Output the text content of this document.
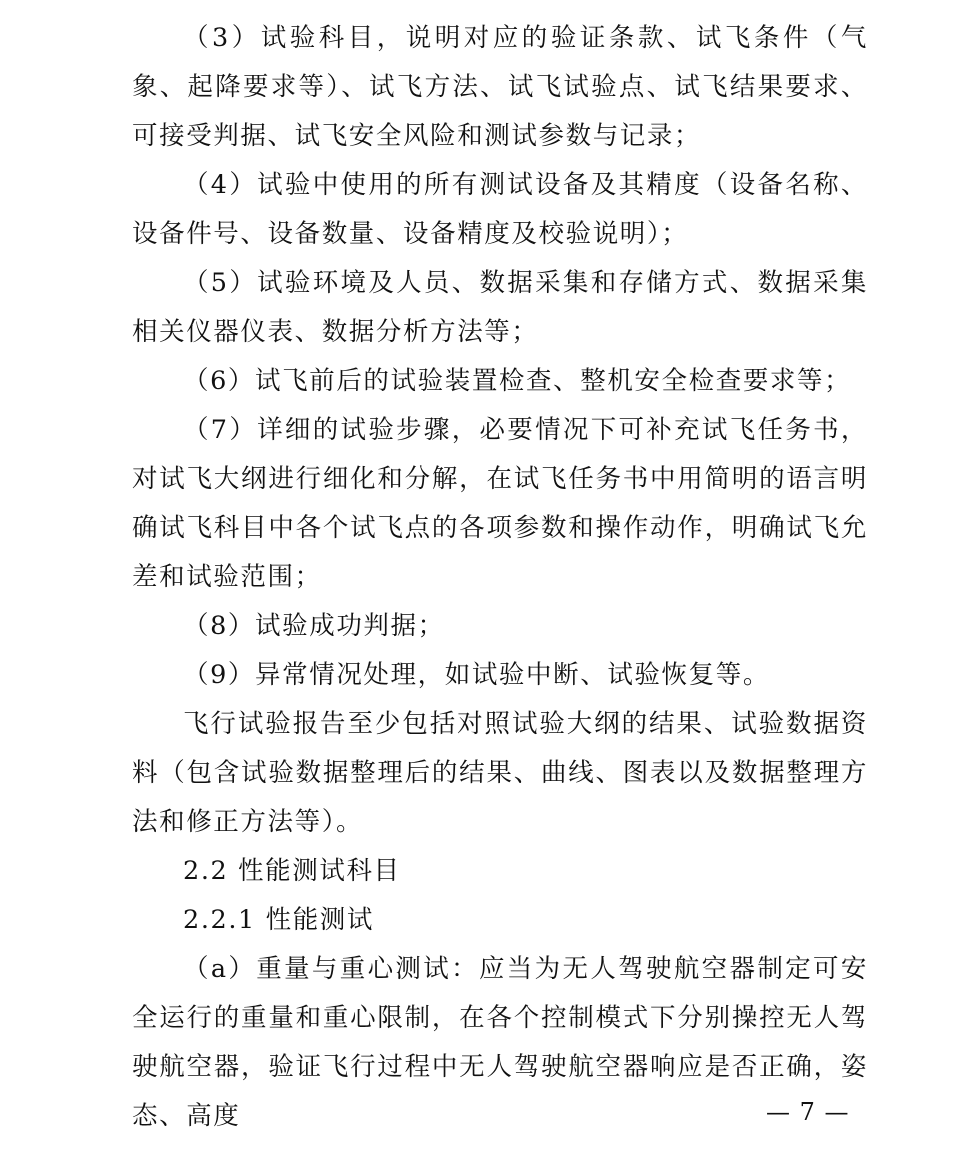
（3）试验科目，说明对应的验证条款、试飞条件（气象、起降要求等）、试飞方法、试飞试验点、试飞结果要求、可接受判据、试飞安全风险和测试参数与记录；

（4）试验中使用的所有测试设备及其精度（设备名称、设备件号、设备数量、设备精度及校验说明）；

（5）试验环境及人员、数据采集和存储方式、数据采集相关仪器仪表、数据分析方法等；

（6）试飞前后的试验装置检查、整机安全检查要求等；

（7）详细的试验步骤，必要情况下可补充试飞任务书，对试飞大纲进行细化和分解，在试飞任务书中用简明的语言明确试飞科目中各个试飞点的各项参数和操作动作，明确试飞允差和试验范围；

（8）试验成功判据；

（9）异常情况处理，如试验中断、试验恢复等。

飞行试验报告至少包括对照试验大纲的结果、试验数据资料（包含试验数据整理后的结果、曲线、图表以及数据整理方法和修正方法等）。

2.2 性能测试科目

2.2.1 性能测试

（a）重量与重心测试：应当为无人驾驶航空器制定可安全运行的重量和重心限制，在各个控制模式下分别操控无人驾驶航空器，验证飞行过程中无人驾驶航空器响应是否正确，姿态、高度	— 7 —
